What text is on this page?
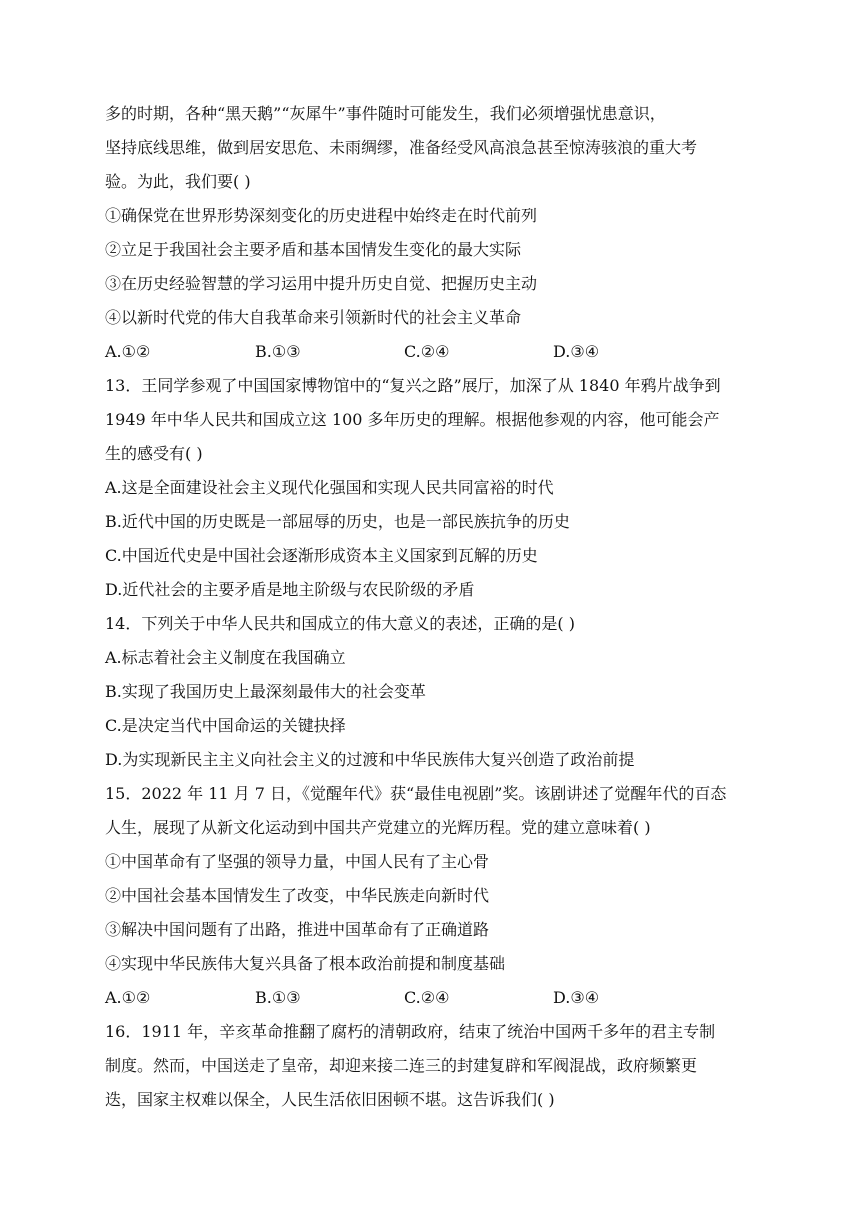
多的时期，各种“黑天鹅”“灰犀牛”事件随时可能发生，我们必须增强忧患意识，
坚持底线思维，做到居安思危、未雨绸缪，准备经受风高浪急甚至惊涛骇浪的重大考
验。为此，我们要( )
①确保党在世界形势深刻变化的历史进程中始终走在时代前列
②立足于我国社会主要矛盾和基本国情发生变化的最大实际
③在历史经验智慧的学习运用中提升历史自觉、把握历史主动
④以新时代党的伟大自我革命来引领新时代的社会主义革命
A.①②	B.①③	C.②④	D.③④
13．王同学参观了中国国家博物馆中的“复兴之路”展厅，加深了从 1840 年鸦片战争到
1949 年中华人民共和国成立这 100 多年历史的理解。根据他参观的内容，他可能会产
生的感受有( )
A.这是全面建设社会主义现代化强国和实现人民共同富裕的时代
B.近代中国的历史既是一部屈辱的历史，也是一部民族抗争的历史
C.中国近代史是中国社会逐渐形成资本主义国家到瓦解的历史
D.近代社会的主要矛盾是地主阶级与农民阶级的矛盾
14．下列关于中华人民共和国成立的伟大意义的表述，正确的是( )
A.标志着社会主义制度在我国确立
B.实现了我国历史上最深刻最伟大的社会变革
C.是决定当代中国命运的关键抉择
D.为实现新民主主义向社会主义的过渡和中华民族伟大复兴创造了政治前提
15．2022 年 11 月 7 日，《觉醒年代》获“最佳电视剧”奖。该剧讲述了觉醒年代的百态
人生，展现了从新文化运动到中国共产党建立的光辉历程。党的建立意味着( )
①中国革命有了坚强的领导力量，中国人民有了主心骨
②中国社会基本国情发生了改变，中华民族走向新时代
③解决中国问题有了出路，推进中国革命有了正确道路
④实现中华民族伟大复兴具备了根本政治前提和制度基础
A.①②	B.①③	C.②④	D.③④
16．1911 年，辛亥革命推翻了腐朽的清朝政府，结束了统治中国两千多年的君主专制
制度。然而，中国送走了皇帝，却迎来接二连三的封建复辟和军阀混战，政府频繁更
迭，国家主权难以保全，人民生活依旧困顿不堪。这告诉我们( )
